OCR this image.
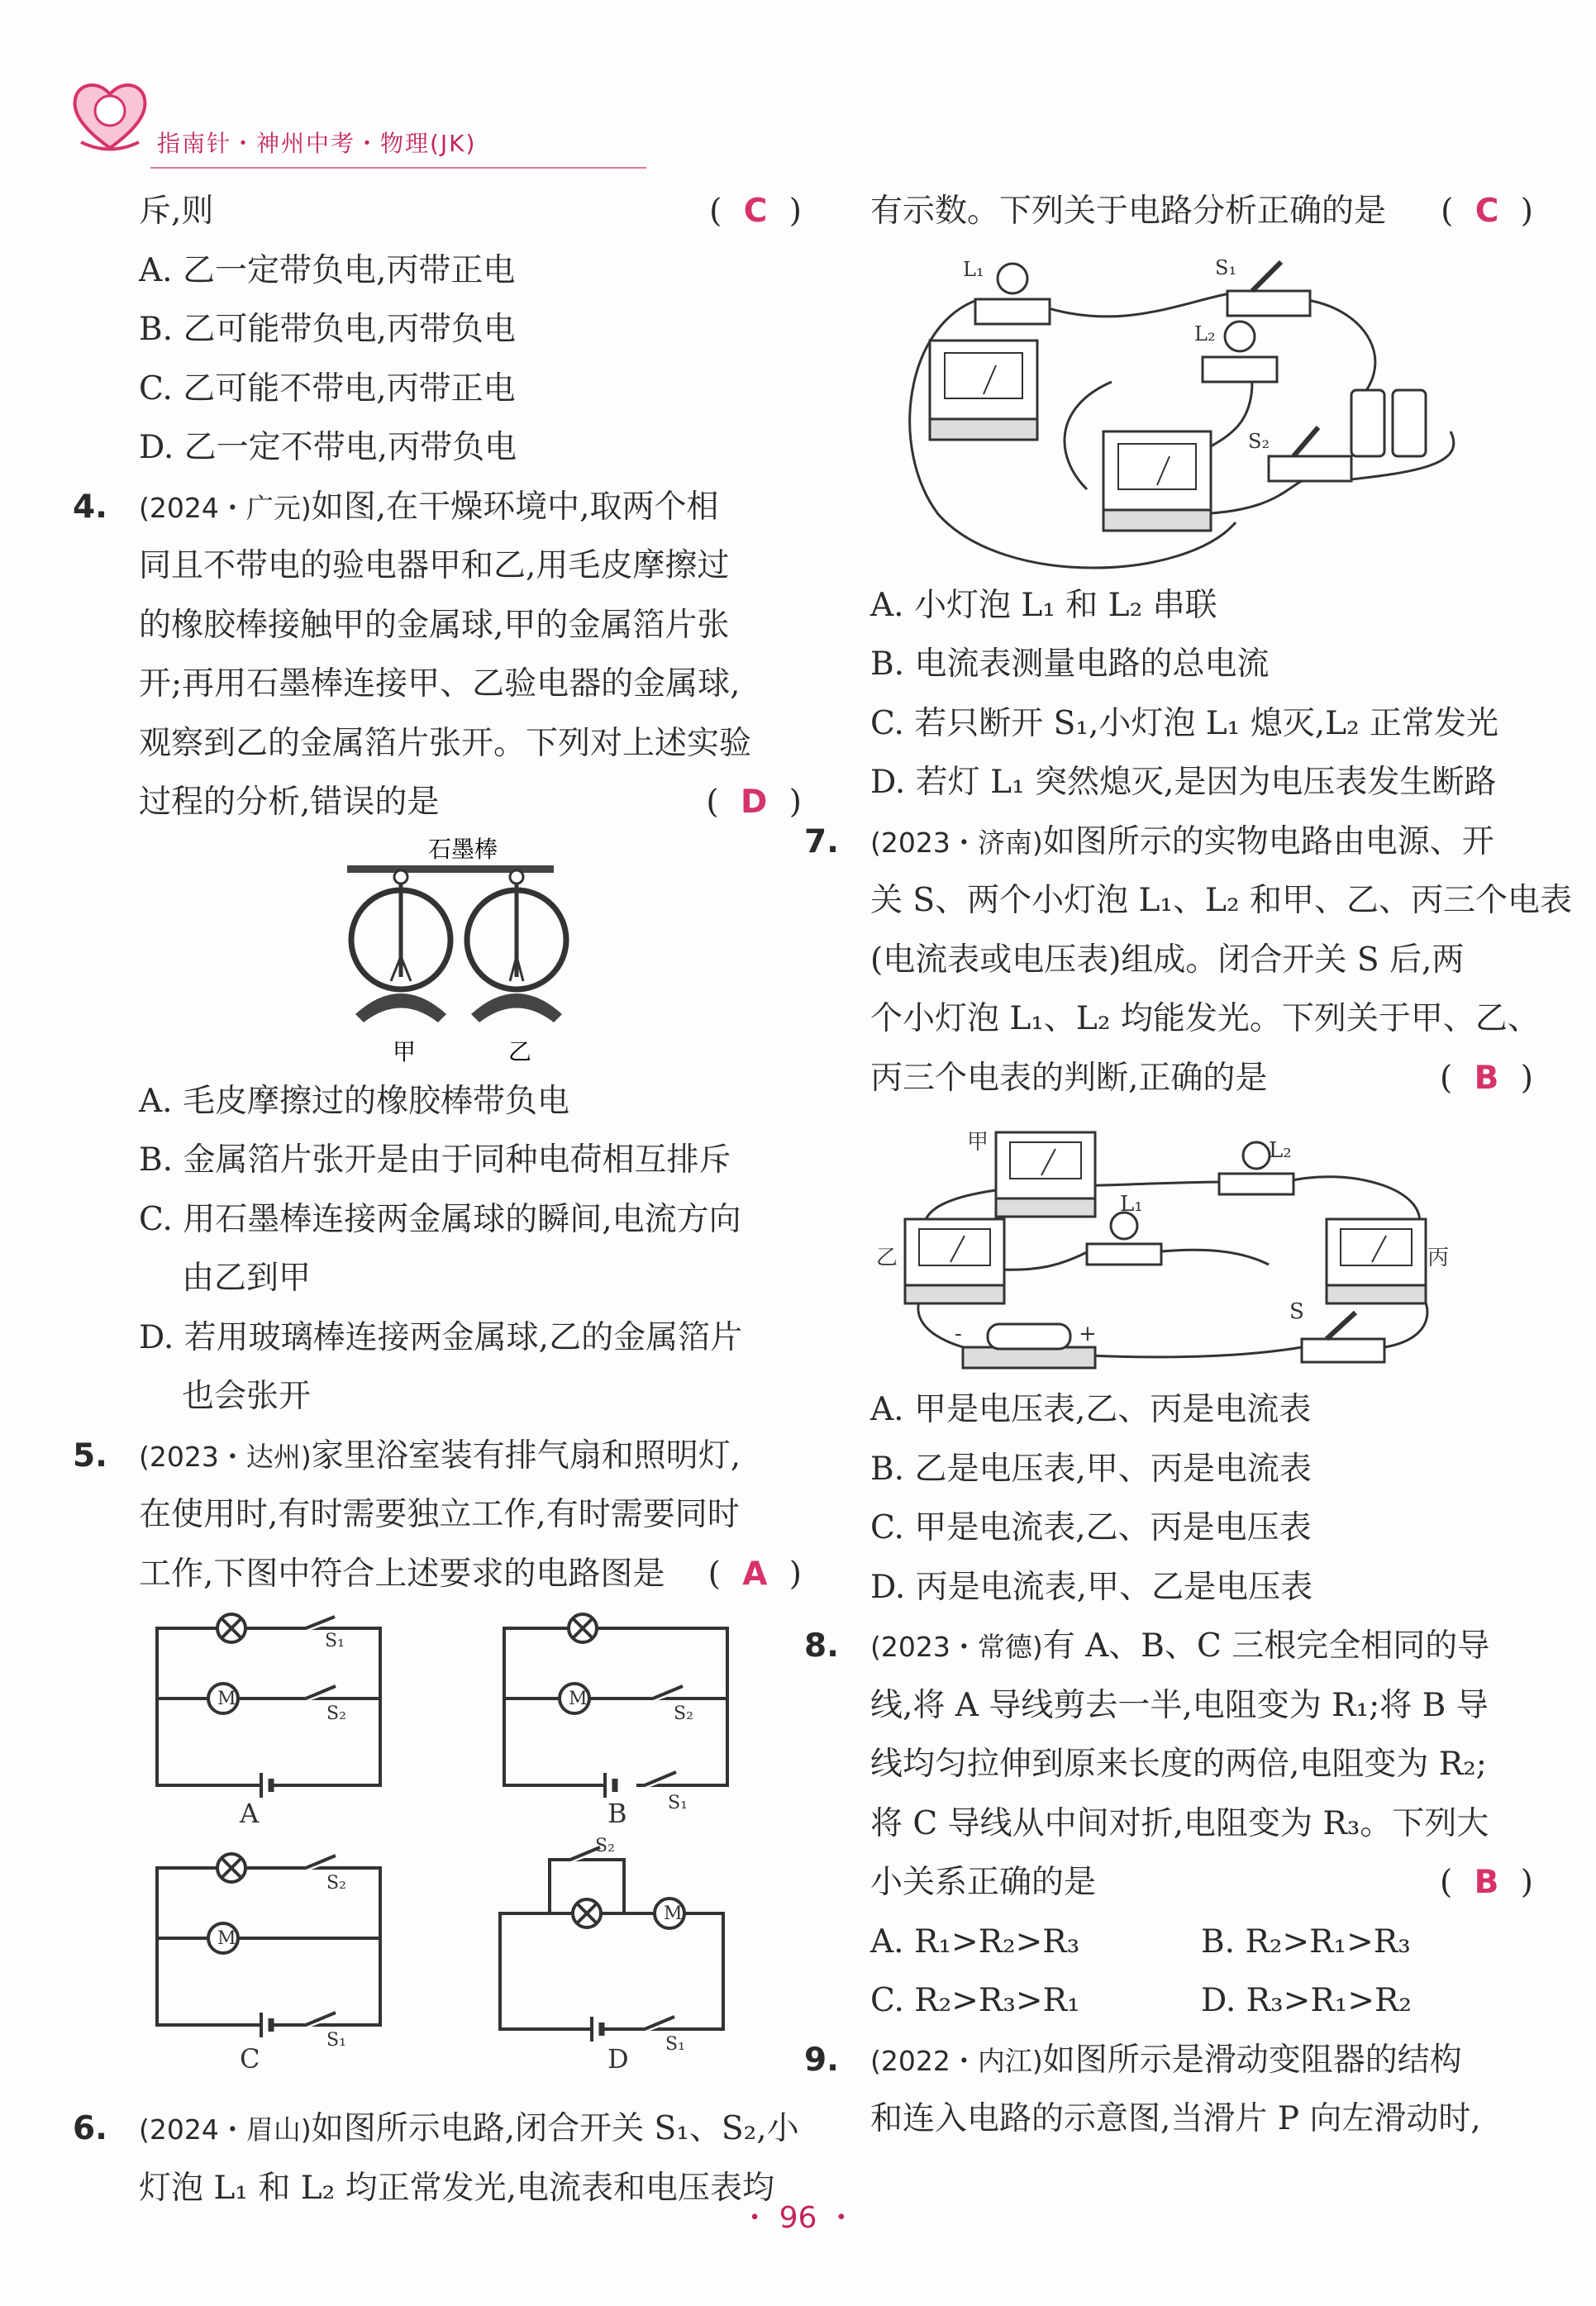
指南针・神州中考・物理(JK)
斥,则	( C )
A. 乙一定带负电,丙带正电
B. 乙可能带负电,丙带负电
C. 乙可能不带电,丙带正电
D. 乙一定不带电,丙带负电
4. (2024・广元)如图,在干燥环境中,取两个相
同且不带电的验电器甲和乙,用毛皮摩擦过
的橡胶棒接触甲的金属球,甲的金属箔片张
开;再用石墨棒连接甲、乙验电器的金属球,
观察到乙的金属箔片张开。下列对上述实验
过程的分析,错误的是	( D )
石墨棒
甲	乙
A. 毛皮摩擦过的橡胶棒带负电
B. 金属箔片张开是由于同种电荷相互排斥
C. 用石墨棒连接两金属球的瞬间,电流方向
由乙到甲
D. 若用玻璃棒连接两金属球,乙的金属箔片
也会张开
5. (2023・达州)家里浴室装有排气扇和照明灯,
在使用时,有时需要独立工作,有时需要同时
工作,下图中符合上述要求的电路图是 ( A )
M
S₁
S₂
M
S₂
S₁
M
S₂
S₁
M
S₂
S₁
A	B
C	D
6. (2024・眉山)如图所示电路,闭合开关 S₁、S₂,小
灯泡 L₁ 和 L₂ 均正常发光,电流表和电压表均
有示数。下列关于电路分析正确的是 ( C )
L₁
L₂
S₁
S₂
A. 小灯泡 L₁ 和 L₂ 串联
B. 电流表测量电路的总电流
C. 若只断开 S₁,小灯泡 L₁ 熄灭,L₂ 正常发光
D. 若灯 L₁ 突然熄灭,是因为电压表发生断路
7. (2023・济南)如图所示的实物电路由电源、开
关 S、两个小灯泡 L₁、L₂ 和甲、乙、丙三个电表
(电流表或电压表)组成。闭合开关 S 后,两
个小灯泡 L₁、L₂ 均能发光。下列关于甲、乙、
丙三个电表的判断,正确的是	( B )
甲
乙	丙
L₂
L₁
S
-	+
A. 甲是电压表,乙、丙是电流表
B. 乙是电压表,甲、丙是电流表
C. 甲是电流表,乙、丙是电压表
D. 丙是电流表,甲、乙是电压表
8. (2023・常德)有 A、B、C 三根完全相同的导
线,将 A 导线剪去一半,电阻变为 R₁;将 B 导
线均匀拉伸到原来长度的两倍,电阻变为 R₂;
将 C 导线从中间对折,电阻变为 R₃。下列大
小关系正确的是	( B )
A. R₁>R₂>R₃	B. R₂>R₁>R₃
C. R₂>R₃>R₁	D. R₃>R₁>R₂
9. (2022・内江)如图所示是滑动变阻器的结构
和连入电路的示意图,当滑片 P 向左滑动时,
・ 96 ・
